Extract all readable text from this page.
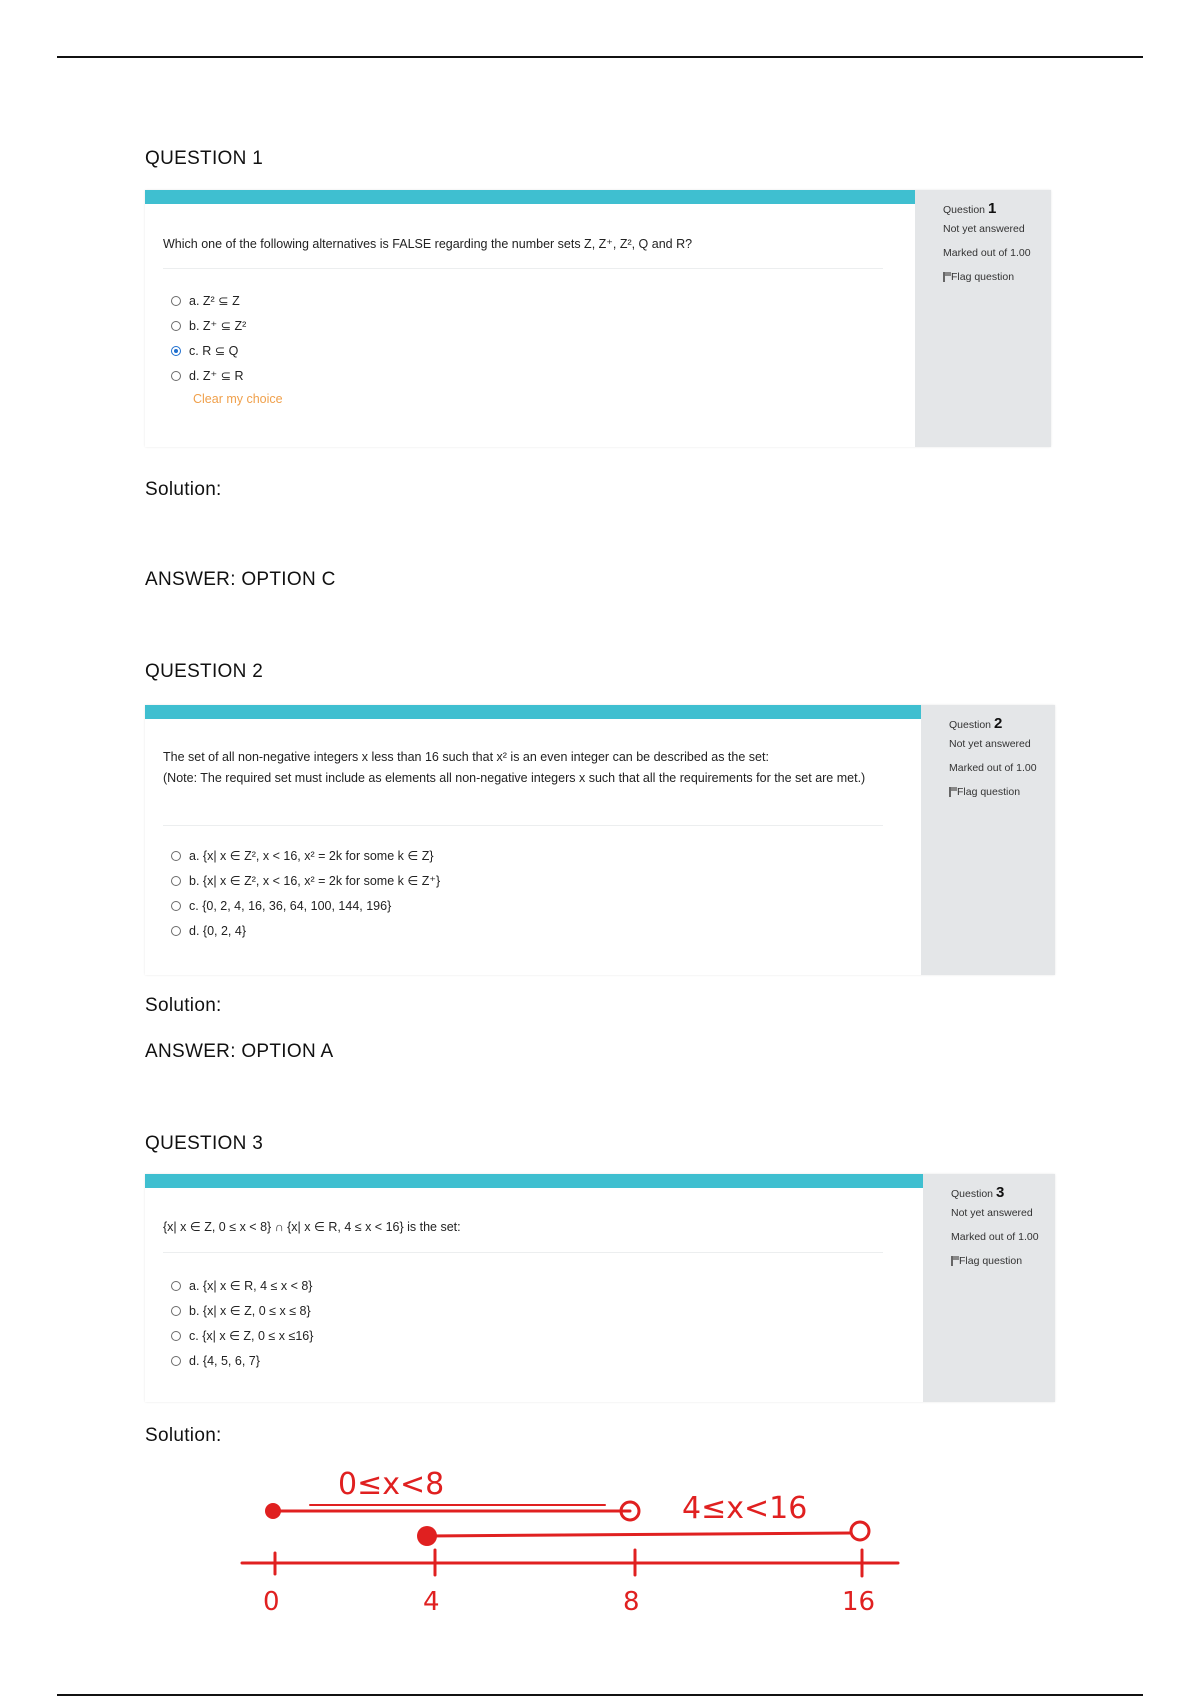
QUESTION 1
Question 1
Not yet answered
Marked out of 1.00
Flag question
Which one of the following alternatives is FALSE regarding the number sets Z, Z⁺, Z², Q and R?
a. Z² ⊆ Z
b. Z⁺ ⊆ Z²
c. R ⊆ Q
d. Z⁺ ⊆ R
Clear my choice
Solution:
ANSWER: OPTION C
QUESTION 2
Question 2
Not yet answered
Marked out of 1.00
Flag question
The set of all non-negative integers x less than 16 such that x² is an even integer can be described as the set:
(Note: The required set must include as elements all non-negative integers x such that all the requirements for the set are met.)
a. {x| x ∈ Z², x < 16, x² = 2k for some k ∈ Z}
b. {x| x ∈ Z², x < 16, x² = 2k for some k ∈ Z⁺}
c. {0, 2, 4, 16, 36, 64, 100, 144, 196}
d. {0, 2, 4}
Solution:
ANSWER: OPTION A
QUESTION 3
Question 3
Not yet answered
Marked out of 1.00
Flag question
{x| x ∈ Z, 0 ≤ x < 8} ∩ {x| x ∈ R, 4 ≤ x < 16} is the set:
a. {x| x ∈ R, 4 ≤ x < 8}
b. {x| x ∈ Z, 0 ≤ x ≤ 8}
c. {x| x ∈ Z, 0 ≤ x ≤16}
d. {4, 5, 6, 7}
Solution:
0≤x<8
4≤x<16
0	4	8	16
